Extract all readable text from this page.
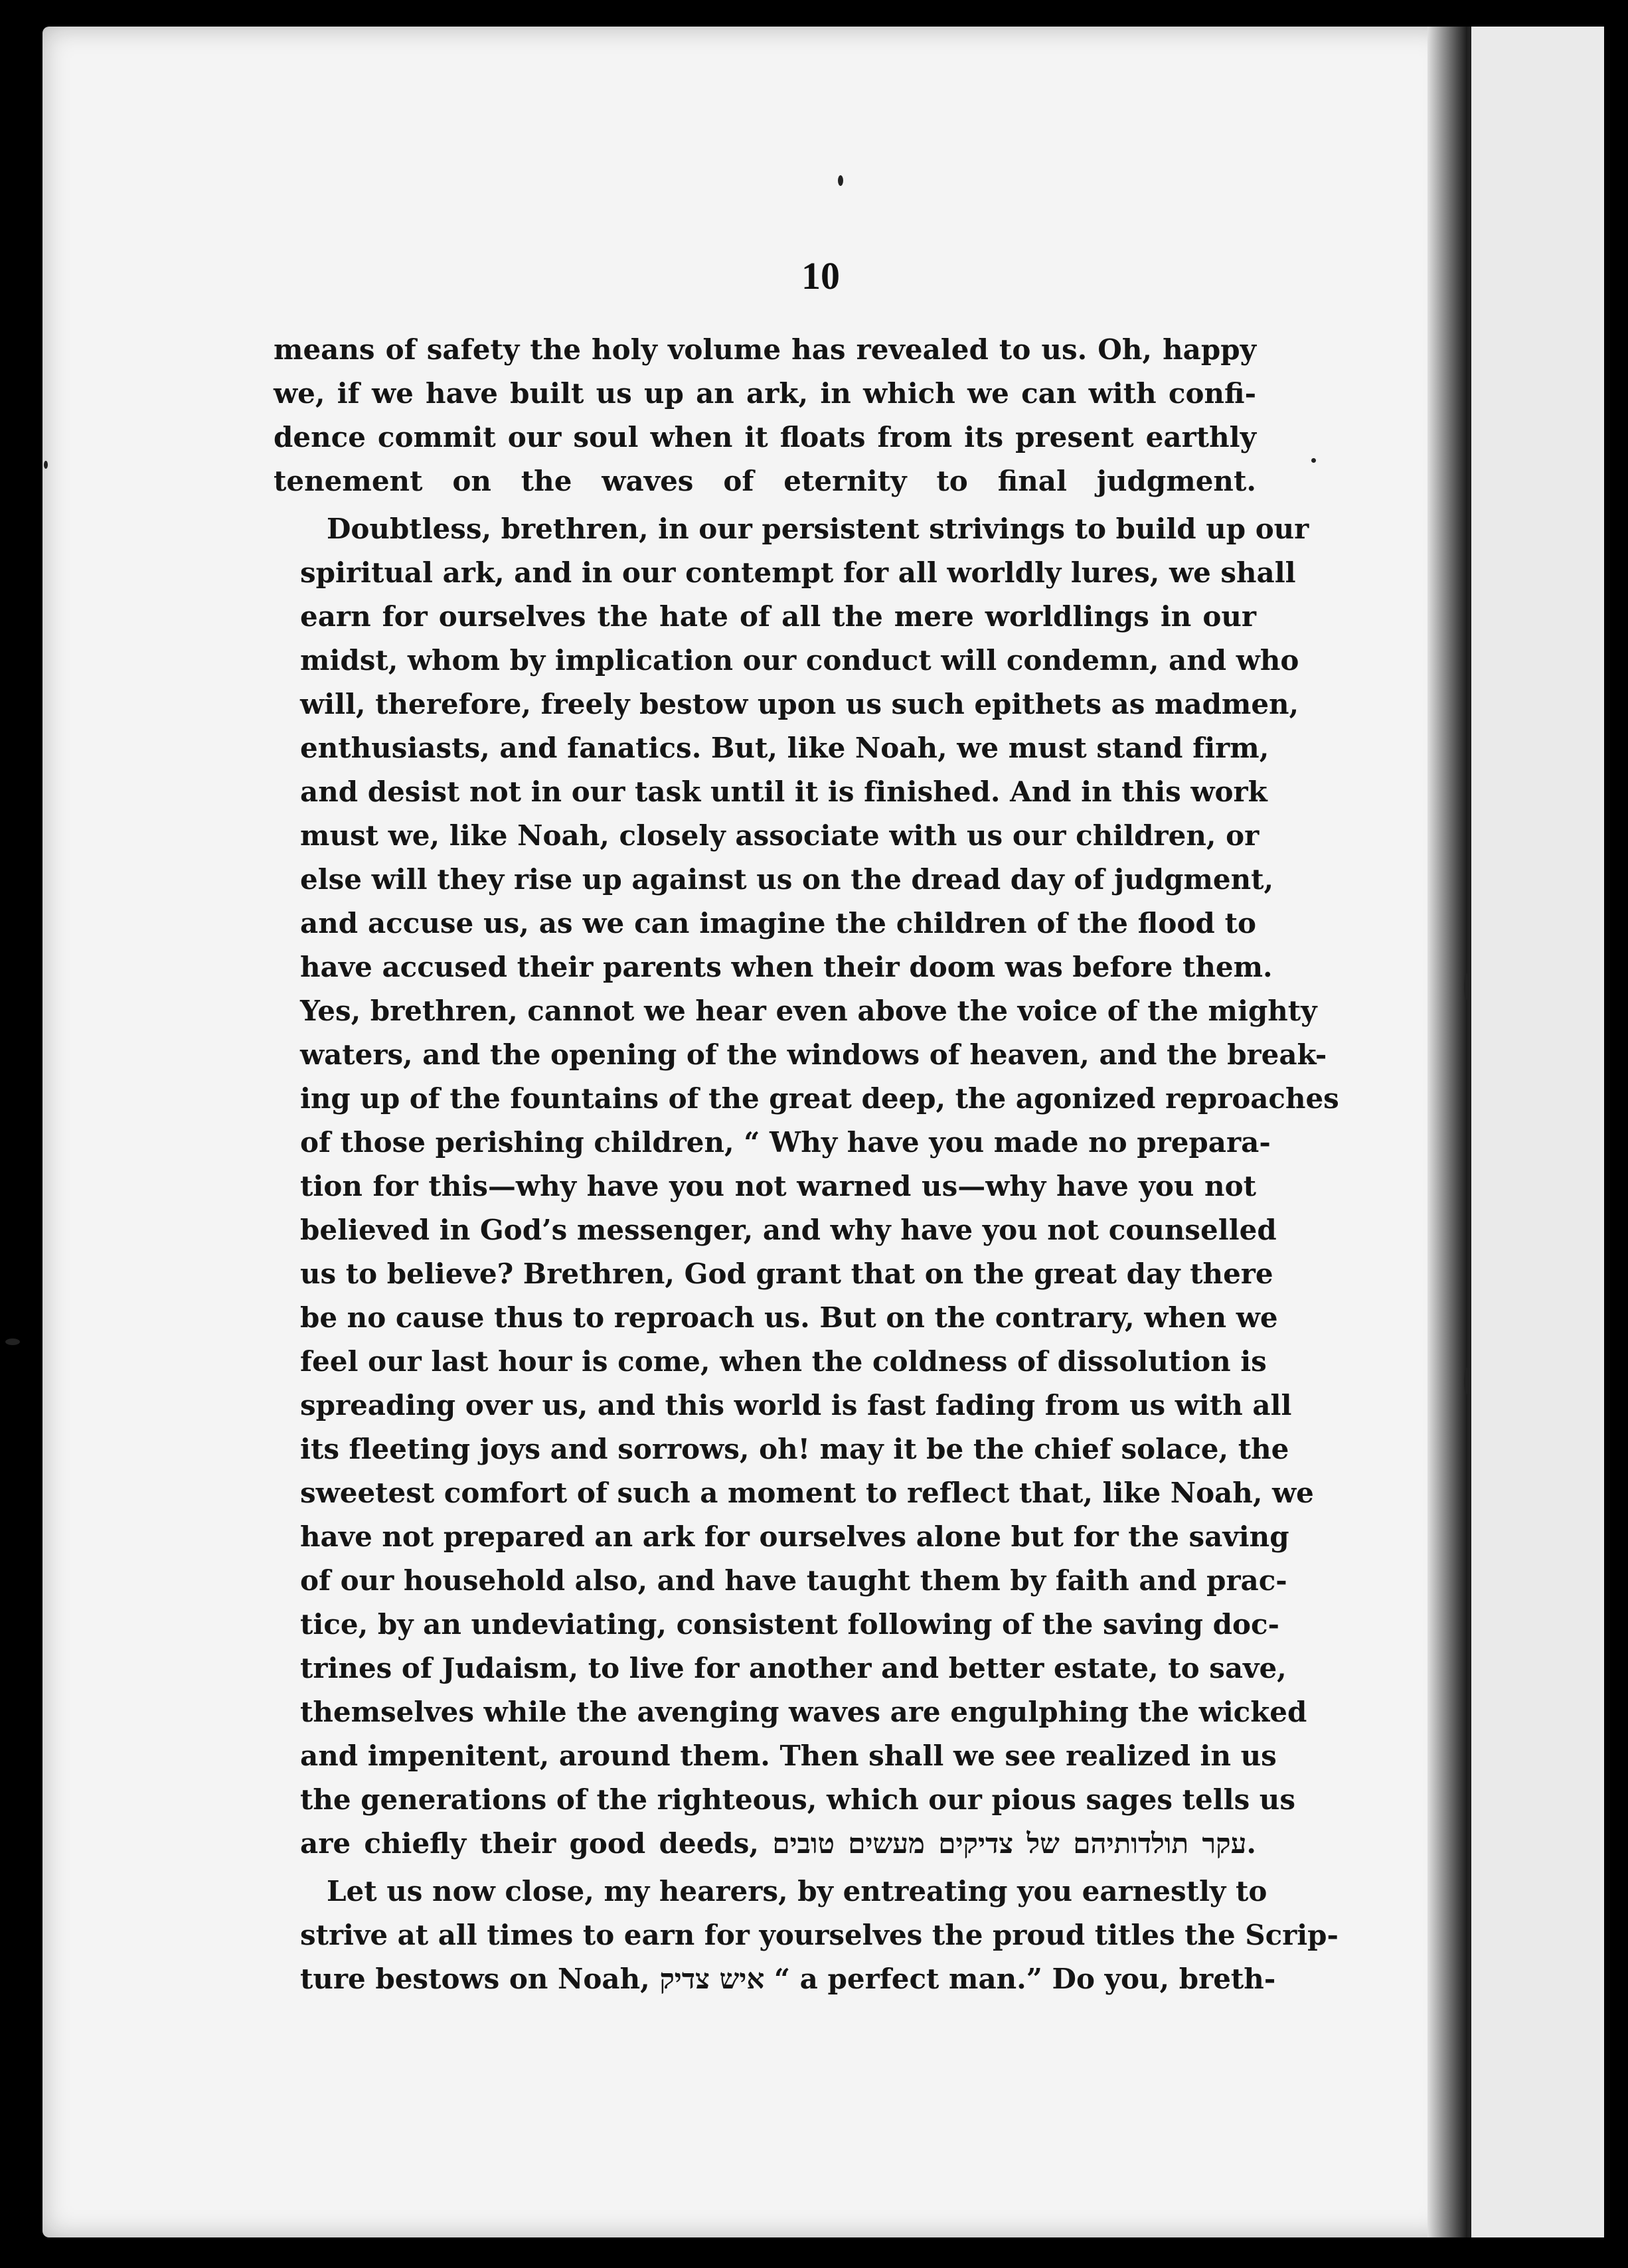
10

means of safety the holy volume has revealed to us. Oh, happy
we, if we have built us up an ark, in which we can with confi-
dence commit our soul when it floats from its present earthly
tenement on the waves of eternity to final judgment.

Doubtless, brethren, in our persistent strivings to build up our
spiritual ark, and in our contempt for all worldly lures, we shall
earn for ourselves the hate of all the mere worldlings in our
midst, whom by implication our conduct will condemn, and who
will, therefore, freely bestow upon us such epithets as madmen,
enthusiasts, and fanatics. But, like Noah, we must stand firm,
and desist not in our task until it is finished. And in this work
must we, like Noah, closely associate with us our children, or
else will they rise up against us on the dread day of judgment,
and accuse us, as we can imagine the children of the flood to
have accused their parents when their doom was before them.
Yes, brethren, cannot we hear even above the voice of the mighty
waters, and the opening of the windows of heaven, and the break-
ing up of the fountains of the great deep, the agonized reproaches
of those perishing children, “ Why have you made no prepara-
tion for this—why have you not warned us—why have you not
believed in God’s messenger, and why have you not counselled
us to believe? Brethren, God grant that on the great day there
be no cause thus to reproach us. But on the contrary, when we
feel our last hour is come, when the coldness of dissolution is
spreading over us, and this world is fast fading from us with all
its fleeting joys and sorrows, oh! may it be the chief solace, the
sweetest comfort of such a moment to reflect that, like Noah, we
have not prepared an ark for ourselves alone but for the saving
of our household also, and have taught them by faith and prac-
tice, by an undeviating, consistent following of the saving doc-
trines of Judaism, to live for another and better estate, to save,
themselves while the avenging waves are engulphing the wicked
and impenitent, around them. Then shall we see realized in us
the generations of the righteous, which our pious sages tells us
are chiefly their good deeds, עקר תולדותיהם של צדיקים מעשים טובים.

Let us now close, my hearers, by entreating you earnestly to
strive at all times to earn for yourselves the proud titles the Scrip-
ture bestows on Noah, איש צדיק “ a perfect man.” Do you, breth-
